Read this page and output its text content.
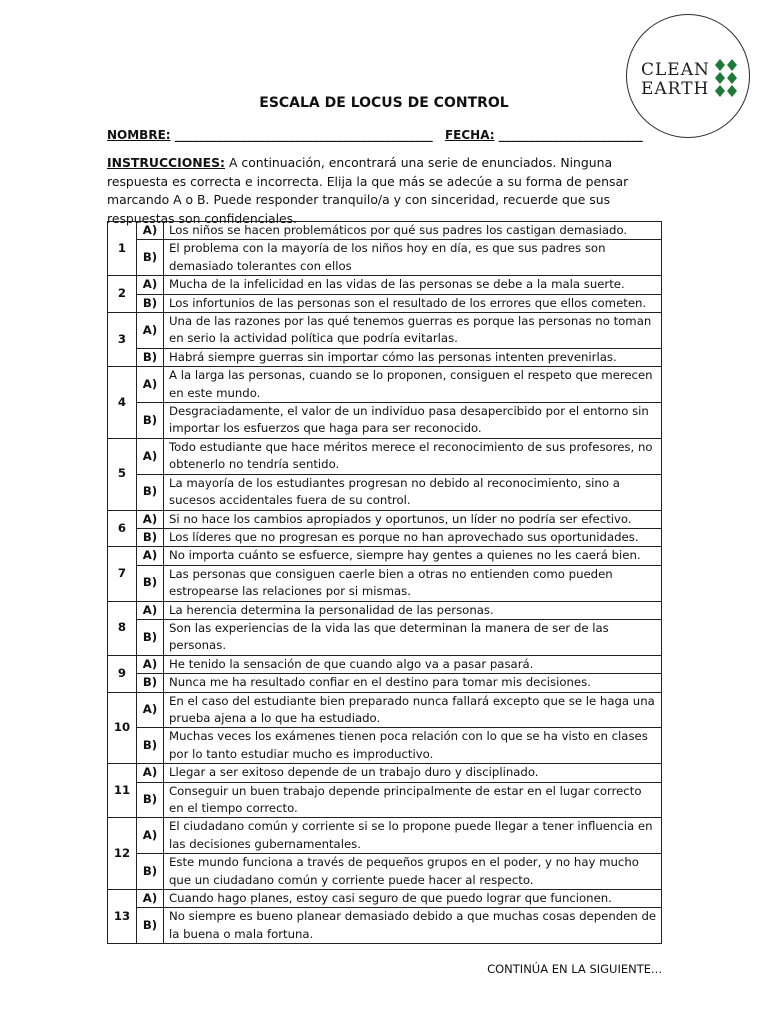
CLEAN
EARTH
ESCALA DE LOCUS DE CONTROL
NOMBRE: ___________________________________________ FECHA: ________________________
INSTRUCCIONES: A continuación, encontrará una serie de enunciados. Ninguna respuesta es correcta e incorrecta. Elija la que más se adecúe a su forma de pensar marcando A o B. Puede responder tranquilo/a y con sinceridad, recuerde que sus respuestas son confidenciales.
1	A)	Los niños se hacen problemáticos por qué sus padres los castigan demasiado.
	B)	El problema con la mayoría de los niños hoy en día, es que sus padres son demasiado tolerantes con ellos
2	A)	Mucha de la infelicidad en las vidas de las personas se debe a la mala suerte.
	B)	Los infortunios de las personas son el resultado de los errores que ellos cometen.
3	A)	Una de las razones por las qué tenemos guerras es porque las personas no toman en serio la actividad política que podría evitarlas.
	B)	Habrá siempre guerras sin importar cómo las personas intenten prevenirlas.
4	A)	A la larga las personas, cuando se lo proponen, consiguen el respeto que merecen en este mundo.
	B)	Desgraciadamente, el valor de un individuo pasa desapercibido por el entorno sin importar los esfuerzos que haga para ser reconocido.
5	A)	Todo estudiante que hace méritos merece el reconocimiento de sus profesores, no obtenerlo no tendría sentido.
	B)	La mayoría de los estudiantes progresan no debido al reconocimiento, sino a sucesos accidentales fuera de su control.
6	A)	Si no hace los cambios apropiados y oportunos, un líder no podría ser efectivo.
	B)	Los líderes que no progresan es porque no han aprovechado sus oportunidades.
7	A)	No importa cuánto se esfuerce, siempre hay gentes a quienes no les caerá bien.
	B)	Las personas que consiguen caerle bien a otras no entienden como pueden estropearse las relaciones por si mismas.
8	A)	La herencia determina la personalidad de las personas.
	B)	Son las experiencias de la vida las que determinan la manera de ser de las personas.
9	A)	He tenido la sensación de que cuando algo va a pasar pasará.
	B)	Nunca me ha resultado confiar en el destino para tomar mis decisiones.
10	A)	En el caso del estudiante bien preparado nunca fallará excepto que se le haga una prueba ajena a lo que ha estudiado.
	B)	Muchas veces los exámenes tienen poca relación con lo que se ha visto en clases por lo tanto estudiar mucho es improductivo.
11	A)	Llegar a ser exitoso depende de un trabajo duro y disciplinado.
	B)	Conseguir un buen trabajo depende principalmente de estar en el lugar correcto en el tiempo correcto.
12	A)	El ciudadano común y corriente si se lo propone puede llegar a tener influencia en las decisiones gubernamentales.
	B)	Este mundo funciona a través de pequeños grupos en el poder, y no hay mucho que un ciudadano común y corriente puede hacer al respecto.
13	A)	Cuando hago planes, estoy casi seguro de que puedo lograr que funcionen.
	B)	No siempre es bueno planear demasiado debido a que muchas cosas dependen de la buena o mala fortuna.
CONTINÚA EN LA SIGUIENTE...
